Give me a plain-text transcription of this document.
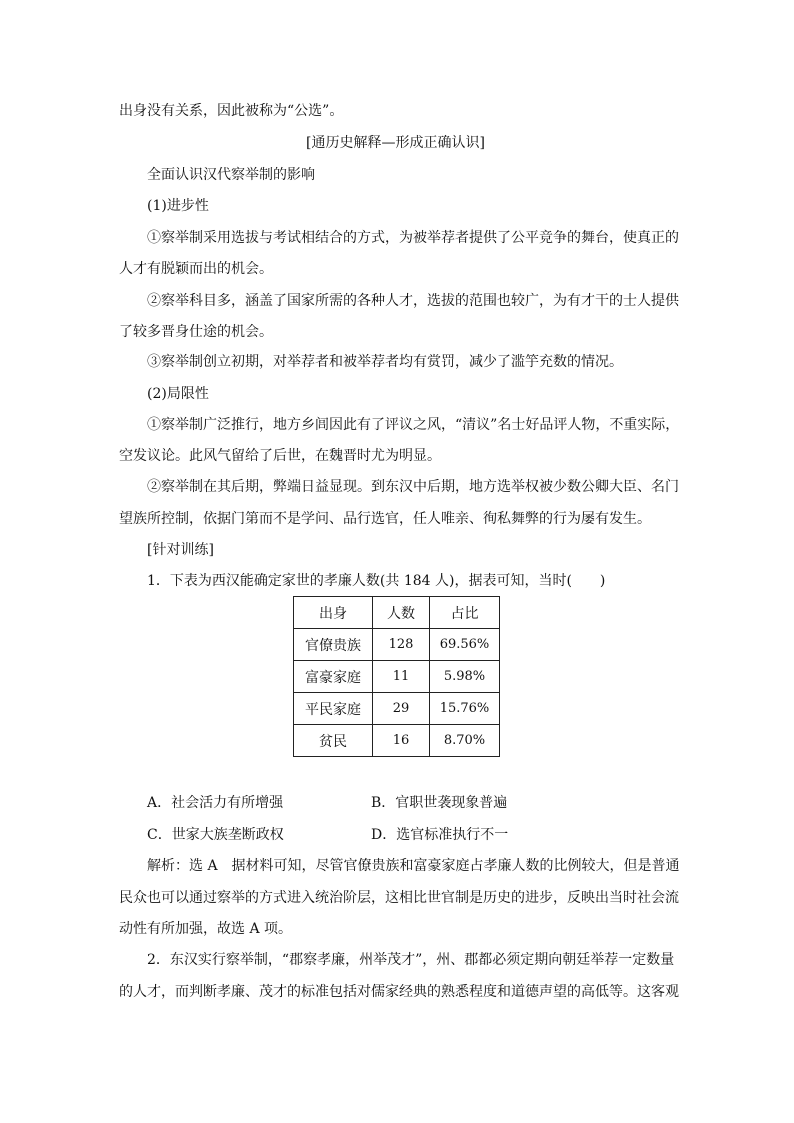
出身没有关系，因此被称为“公选”。
[通历史解释—形成正确认识]
全面认识汉代察举制的影响
(1)进步性
①察举制采用选拔与考试相结合的方式，为被举荐者提供了公平竞争的舞台，使真正的
人才有脱颖而出的机会。
②察举科目多，涵盖了国家所需的各种人才，选拔的范围也较广，为有才干的士人提供
了较多晋身仕途的机会。
③察举制创立初期，对举荐者和被举荐者均有赏罚，减少了滥竽充数的情况。
(2)局限性
①察举制广泛推行，地方乡闾因此有了评议之风，“清议”名士好品评人物，不重实际，
空发议论。此风气留给了后世，在魏晋时尤为明显。
②察举制在其后期，弊端日益显现。到东汉中后期，地方选举权被少数公卿大臣、名门
望族所控制，依据门第而不是学问、品行选官，任人唯亲、徇私舞弊的行为屡有发生。
[针对训练]
1．下表为西汉能确定家世的孝廉人数(共 184 人)，据表可知，当时(　　)
出身	人数	占比
官僚贵族	128	69.56%
富豪家庭	11	5.98%
平民家庭	29	15.76%
贫民	16	8.70%
A．社会活力有所增强	B．官职世袭现象普遍
C．世家大族垄断政权	D．选官标准执行不一
解析：选 A　据材料可知，尽管官僚贵族和富豪家庭占孝廉人数的比例较大，但是普通
民众也可以通过察举的方式进入统治阶层，这相比世官制是历史的进步，反映出当时社会流
动性有所加强，故选 A 项。
2．东汉实行察举制，“郡察孝廉，州举茂才”，州、郡都必须定期向朝廷举荐一定数量
的人才，而判断孝廉、茂才的标准包括对儒家经典的熟悉程度和道德声望的高低等。这客观
